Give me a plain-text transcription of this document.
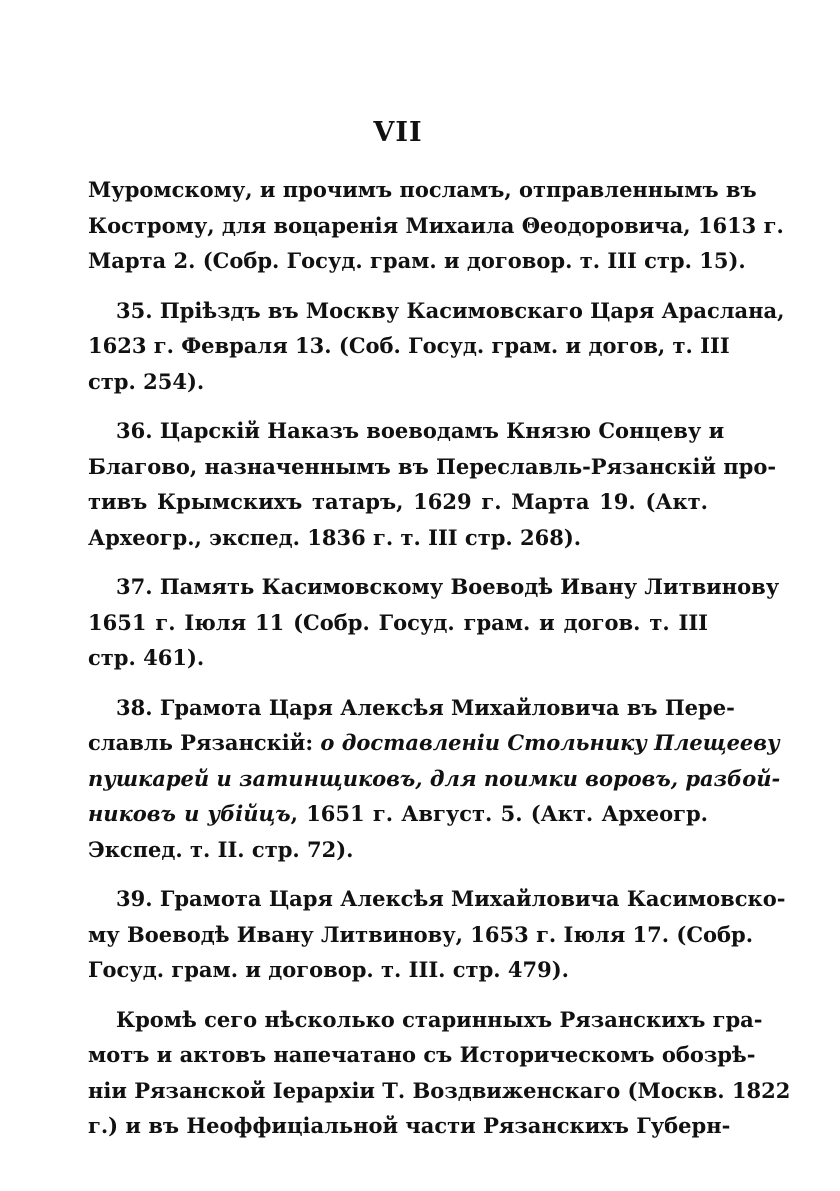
VII

Муромскому, и прочимъ посламъ, отправленнымъ въ
Кострому, для воцаренія Михаила Θеодоровича, 1613 г.
Марта 2. (Собр. Госуд. грам. и договор. т. III стр. 15).

35. Пріѣздъ въ Москву Касимовскаго Царя Араслана,
1623 г. Февраля 13. (Соб. Госуд. грам. и догов, т. III
стр. 254).

36. Царскій Наказъ воеводамъ Князю Сонцеву и
Благово, назначеннымъ въ Переславль-Рязанскій про-
тивъ Крымскихъ татаръ, 1629 г. Марта 19. (Акт.
Археогр., экспед. 1836 г. т. III стр. 268).

37. Память Касимовскому Воеводѣ Ивану Литвинову
1651 г. Іюля 11 (Собр. Госуд. грам. и догов. т. III
стр. 461).

38. Грамота Царя Алексѣя Михайловича въ Пере-
славль Рязанскій: о доставленіи Стольнику Плещееву
пушкарей и затинщиковъ, для поимки воровъ, разбой-
никовъ и убійцъ, 1651 г. Август. 5. (Акт. Археогр.
Экспед. т. II. стр. 72).

39. Грамота Царя Алексѣя Михайловича Касимовско-
му Воеводѣ Ивану Литвинову, 1653 г. Іюля 17. (Собр.
Госуд. грам. и договор. т. III. стр. 479).

Кромѣ сего нѣсколько старинныхъ Рязанскихъ гра-
мотъ и актовъ напечатано съ Историческомъ обозрѣ-
ніи Рязанской Іерархіи Т. Воздвиженскаго (Москв. 1822
г.) и въ Неоффиціальной части Рязанскихъ Губерн-
